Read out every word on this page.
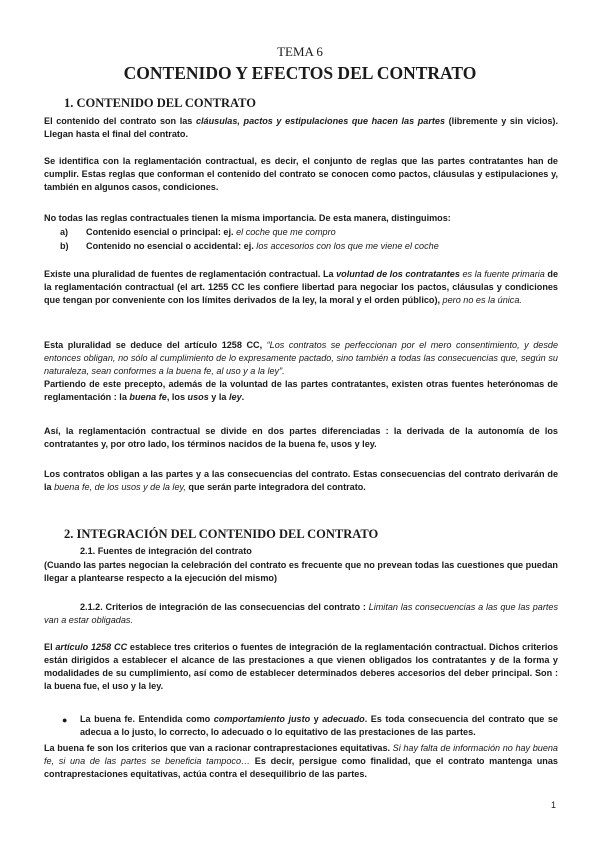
TEMA 6

CONTENIDO Y EFECTOS DEL CONTRATO

1. CONTENIDO DEL CONTRATO

El contenido del contrato son las cláusulas, pactos y estipulaciones que hacen las partes (libremente y sin vicios). Llegan hasta el final del contrato.

Se identifica con la reglamentación contractual, es decir, el conjunto de reglas que las partes contratantes han de cumplir. Estas reglas que conforman el contenido del contrato se conocen como pactos, cláusulas y estipulaciones y, también en algunos casos, condiciones.

No todas las reglas contractuales tienen la misma importancia. De esta manera, distinguimos:

a) Contenido esencial o principal: ej. el coche que me compro
b) Contenido no esencial o accidental: ej. los accesorios con los que me viene el coche

Existe una pluralidad de fuentes de reglamentación contractual. La voluntad de los contratantes es la fuente primaria de la reglamentación contractual (el art. 1255 CC les confiere libertad para negociar los pactos, cláusulas y condiciones que tengan por conveniente con los límites derivados de la ley, la moral y el orden público), pero no es la única.

Esta pluralidad se deduce del artículo 1258 CC, “Los contratos se perfeccionan por el mero consentimiento, y desde entonces obligan, no sólo al cumplimiento de lo expresamente pactado, sino también a todas las consecuencias que, según su naturaleza, sean conformes a la buena fe, al uso y a la ley”.
Partiendo de este precepto, además de la voluntad de las partes contratantes, existen otras fuentes heterónomas de reglamentación : la buena fe, los usos y la ley.

Así, la reglamentación contractual se divide en dos partes diferenciadas : la derivada de la autonomía de los contratantes y, por otro lado, los términos nacidos de la buena fe, usos y ley.

Los contratos obligan a las partes y a las consecuencias del contrato. Estas consecuencias del contrato derivarán de la buena fe, de los usos y de la ley, que serán parte integradora del contrato.

2. INTEGRACIÓN DEL CONTENIDO DEL CONTRATO
2.1. Fuentes de integración del contrato

(Cuando las partes negocian la celebración del contrato es frecuente que no prevean todas las cuestiones que puedan llegar a plantearse respecto a la ejecución del mismo)

2.1.2. Criterios de integración de las consecuencias del contrato : Limitan las consecuencias a las que las partes van a estar obligadas.

El artículo 1258 CC establece tres criterios o fuentes de integración de la reglamentación contractual. Dichos criterios están dirigidos a establecer el alcance de las prestaciones a que vienen obligados los contratantes y de la forma y modalidades de su cumplimiento, así como de establecer determinados deberes accesorios del deber principal. Son : la buena fue, el uso y la ley.

● La buena fe. Entendida como comportamiento justo y adecuado. Es toda consecuencia del contrato que se adecua a lo justo, lo correcto, lo adecuado o lo equitativo de las prestaciones de las partes.

La buena fe son los criterios que van a racionar contraprestaciones equitativas. Si hay falta de información no hay buena fe, si una de las partes se beneficia tampoco… Es decir, persigue como finalidad, que el contrato mantenga unas contraprestaciones equitativas, actúa contra el desequilibrio de las partes.

1
